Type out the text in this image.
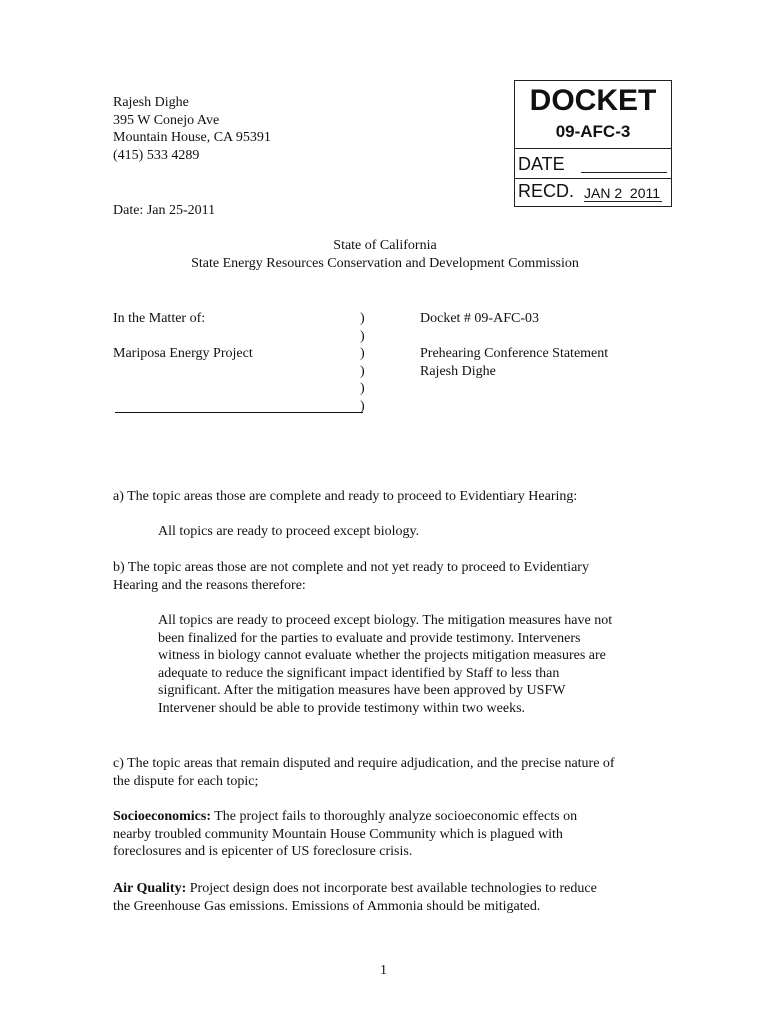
Rajesh Dighe
395 W Conejo Ave
Mountain House, CA 95391
(415) 533 4289
Date: Jan 25-2011
DOCKET
09-AFC-3
DATE
RECD. JAN 2  2011
State of California
State Energy Resources Conservation and Development Commission
In the Matter of:
Mariposa Energy Project
)
)
)
)
)
)
Docket # 09-AFC-03
Prehearing Conference Statement
Rajesh Dighe
a) The topic areas those are complete and ready to proceed to Evidentiary Hearing:
All topics are ready to proceed except biology.
b) The topic areas those are not complete and not yet ready to proceed to Evidentiary
Hearing and the reasons therefore:
All topics are ready to proceed except biology. The mitigation measures have not
been finalized for the parties to evaluate and provide testimony. Interveners
witness in biology cannot evaluate whether the projects mitigation measures are
adequate to reduce the significant impact identified by Staff to less than
significant. After the mitigation measures have been approved by USFW
Intervener should be able to provide testimony within two weeks.
c) The topic areas that remain disputed and require adjudication, and the precise nature of
the dispute for each topic;
Socioeconomics: The project fails to thoroughly analyze socioeconomic effects on
nearby troubled community Mountain House Community which is plagued with
foreclosures and is epicenter of US foreclosure crisis.
Air Quality: Project design does not incorporate best available technologies to reduce
the Greenhouse Gas emissions. Emissions of Ammonia should be mitigated.
1
